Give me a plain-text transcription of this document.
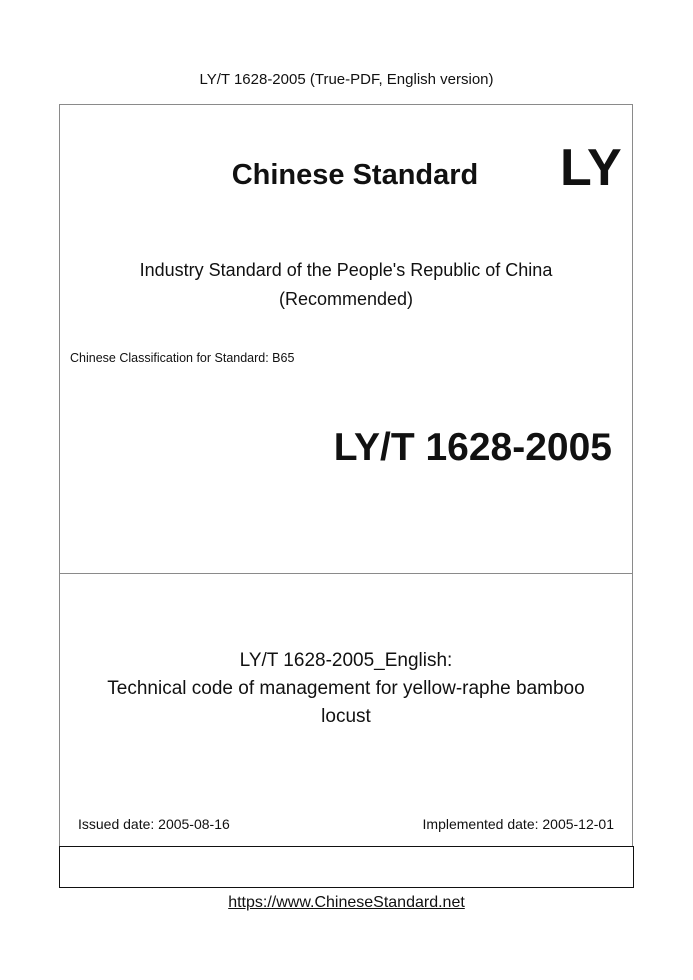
LY/T 1628-2005 (True-PDF, English version)
Chinese Standard	LY
Industry Standard of the People's Republic of China
(Recommended)
Chinese Classification for Standard: B65
LY/T 1628-2005
LY/T 1628-2005_English:
Technical code of management for yellow-raphe bamboo
locust
Issued date: 2005-08-16	Implemented date: 2005-12-01
https://www.ChineseStandard.net
